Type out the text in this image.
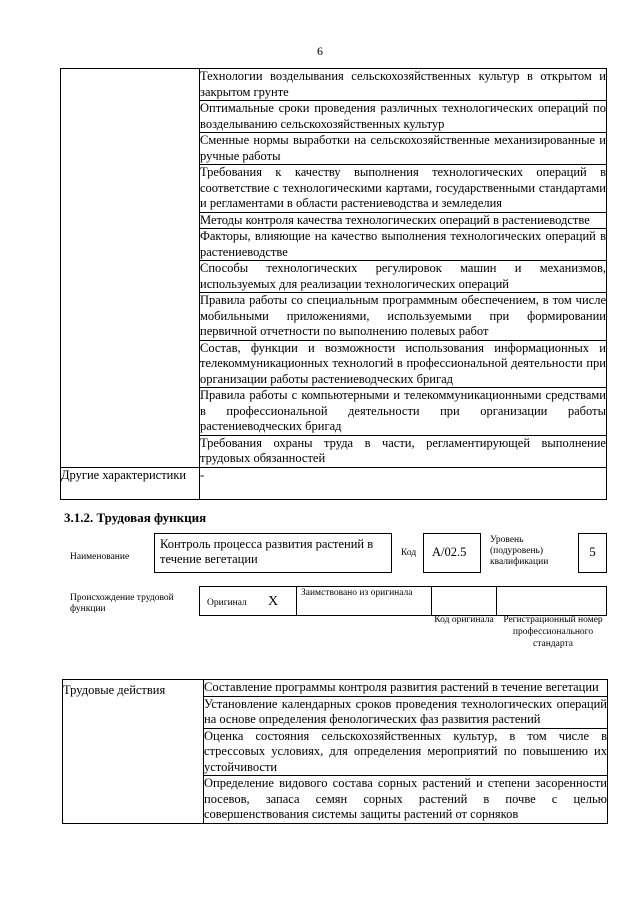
6
	Технологии возделывания сельскохозяйственных культур в открытом и закрытом грунте
	Оптимальные сроки проведения различных технологических операций по возделыванию сельскохозяйственных культур
	Сменные нормы выработки на сельскохозяйственные механизированные и ручные работы
	Требования к качеству выполнения технологических операций в соответствие с технологическими картами, государственными стандартами и регламентами в области растениеводства и земледелия
	Методы контроля качества технологических операций в растениеводстве
	Факторы, влияющие на качество выполнения технологических операций в растениеводстве
	Способы технологических регулировок машин и механизмов, используемых для реализации технологических операций
	Правила работы со специальным программным обеспечением, в том числе мобильными приложениями, используемыми при формировании первичной отчетности по выполнению полевых работ
	Состав, функции и возможности использования информационных и телекоммуникационных технологий в профессиональной деятельности при организации работы растениеводческих бригад
	Правила работы с компьютерными и телекоммуникационными средствами в профессиональной деятельности при организации работы растениеводческих бригад
	Требования охраны труда в части, регламентирующей выполнение трудовых обязанностей
Другие характеристики	-
3.1.2. Трудовая функция
Наименование
Контроль процесса развития растений в течение вегетации	Код	А/02.5
Уровень (подуровень) квалификации
5
Происхождение трудовой функции
Оригинал X
Заимствовано из оригинала
Код оригинала	Регистрационный номер профессионального стандарта
Трудовые действия	Составление программы контроля развития растений в течение вегетации
Установление календарных сроков проведения технологических операций на основе определения фенологических фаз развития растений
Оценка состояния сельскохозяйственных культур, в том числе в стрессовых условиях, для определения мероприятий по повышению их устойчивости
Определение видового состава сорных растений и степени засоренности посевов, запаса семян сорных растений в почве с целью совершенствования системы защиты растений от сорняков
